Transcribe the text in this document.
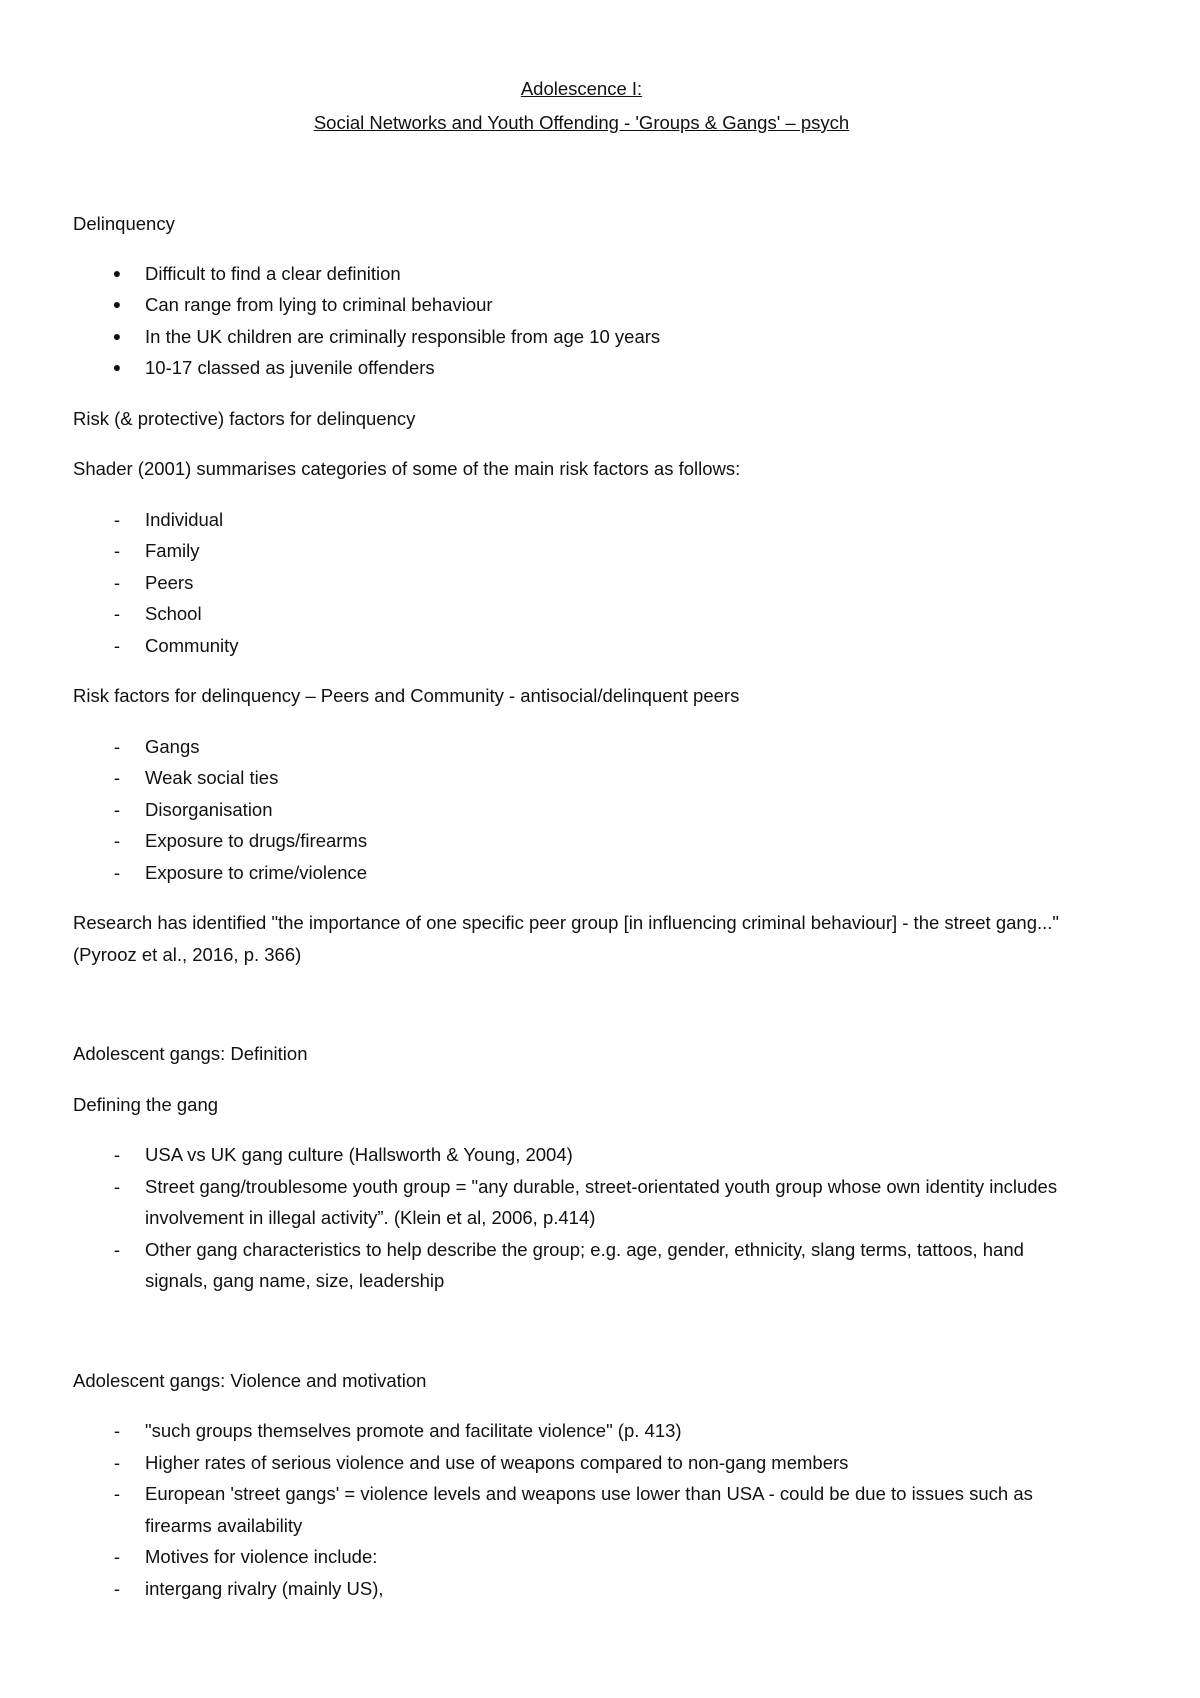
Adolescence I:
Social Networks and Youth Offending - 'Groups & Gangs' – psych

Delinquency

●	Difficult to find a clear definition
●	Can range from lying to criminal behaviour
●	In the UK children are criminally responsible from age 10 years
●	10-17 classed as juvenile offenders

Risk (& protective) factors for delinquency

Shader (2001) summarises categories of some of the main risk factors as follows:

-	Individual
-	Family
-	Peers
-	School
-	Community

Risk factors for delinquency – Peers and Community - antisocial/delinquent peers

-	Gangs
-	Weak social ties
-	Disorganisation
-	Exposure to drugs/firearms
-	Exposure to crime/violence

Research has identified "the importance of one specific peer group [in influencing criminal behaviour] - the street gang..." (Pyrooz et al., 2016, p. 366)

Adolescent gangs: Definition

Defining the gang

-	USA vs UK gang culture (Hallsworth & Young, 2004)
-	Street gang/troublesome youth group = "any durable, street-orientated youth group whose own identity includes involvement in illegal activity”. (Klein et al, 2006, p.414)
-	Other gang characteristics to help describe the group; e.g. age, gender, ethnicity, slang terms, tattoos, hand signals, gang name, size, leadership

Adolescent gangs: Violence and motivation

-	"such groups themselves promote and facilitate violence" (p. 413)
-	Higher rates of serious violence and use of weapons compared to non-gang members
-	European 'street gangs' = violence levels and weapons use lower than USA - could be due to issues such as firearms availability
-	Motives for violence include:
-	intergang rivalry (mainly US),
